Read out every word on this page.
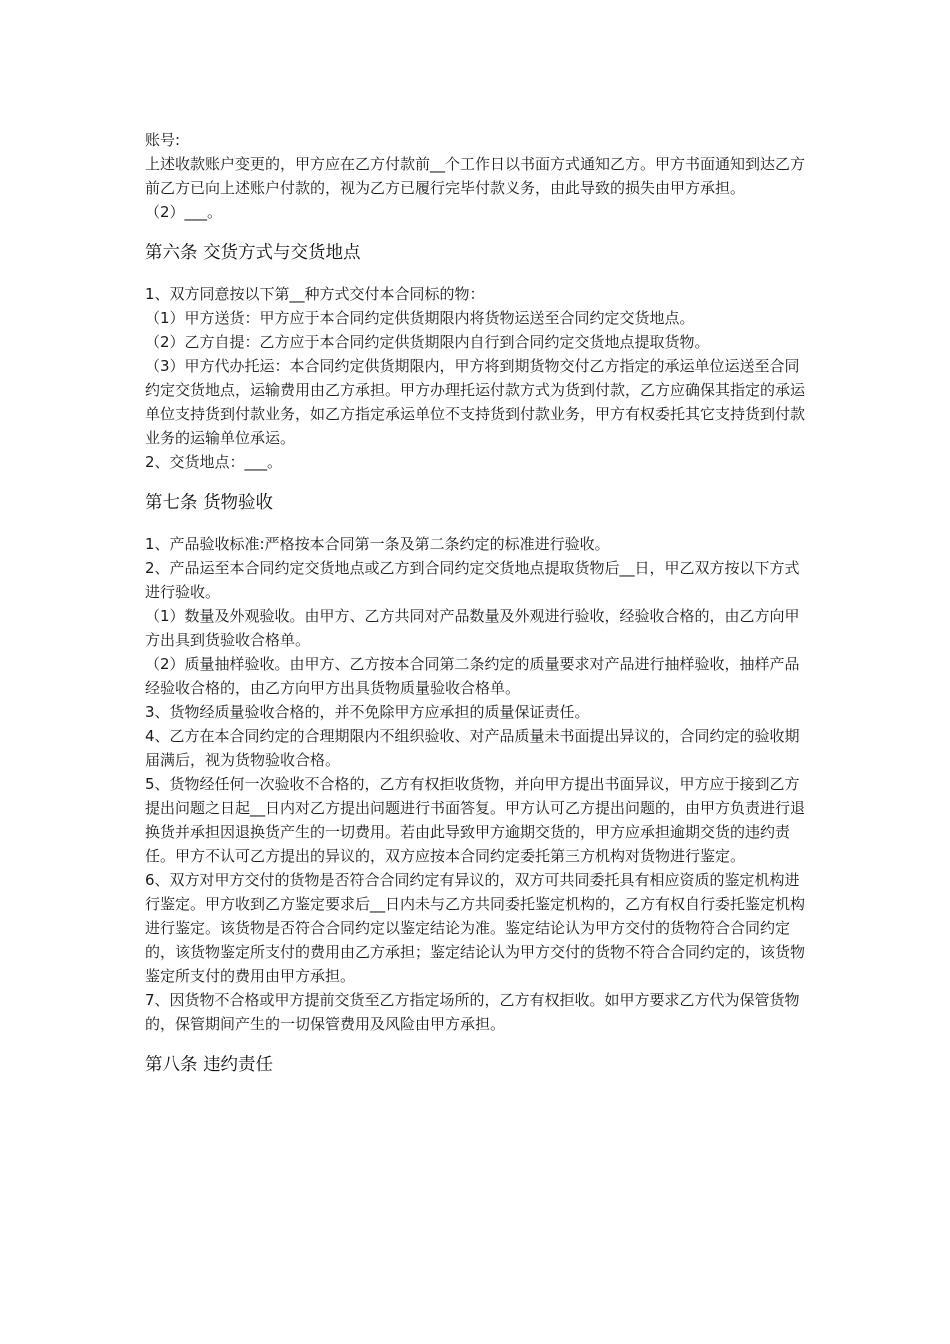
账号:

上述收款账户变更的，甲方应在乙方付款前__个工作日以书面方式通知乙方。甲方书面通知到达乙方前乙方已向上述账户付款的，视为乙方已履行完毕付款义务，由此导致的损失由甲方承担。

（2）___。

第六条 交货方式与交货地点

1、双方同意按以下第__种方式交付本合同标的物：

（1）甲方送货：甲方应于本合同约定供货期限内将货物运送至合同约定交货地点。

（2）乙方自提：乙方应于本合同约定供货期限内自行到合同约定交货地点提取货物。

（3）甲方代办托运：本合同约定供货期限内，甲方将到期货物交付乙方指定的承运单位运送至合同约定交货地点，运输费用由乙方承担。甲方办理托运付款方式为货到付款，乙方应确保其指定的承运单位支持货到付款业务，如乙方指定承运单位不支持货到付款业务，甲方有权委托其它支持货到付款业务的运输单位承运。

2、交货地点：___。

第七条 货物验收

1、产品验收标准:严格按本合同第一条及第二条约定的标准进行验收。

2、产品运至本合同约定交货地点或乙方到合同约定交货地点提取货物后__日，甲乙双方按以下方式进行验收。

（1）数量及外观验收。由甲方、乙方共同对产品数量及外观进行验收，经验收合格的，由乙方向甲方出具到货验收合格单。

（2）质量抽样验收。由甲方、乙方按本合同第二条约定的质量要求对产品进行抽样验收，抽样产品经验收合格的，由乙方向甲方出具货物质量验收合格单。

3、货物经质量验收合格的，并不免除甲方应承担的质量保证责任。

4、乙方在本合同约定的合理期限内不组织验收、对产品质量未书面提出异议的，合同约定的验收期届满后，视为货物验收合格。

5、货物经任何一次验收不合格的，乙方有权拒收货物，并向甲方提出书面异议，甲方应于接到乙方提出问题之日起__日内对乙方提出问题进行书面答复。甲方认可乙方提出问题的，由甲方负责进行退换货并承担因退换货产生的一切费用。若由此导致甲方逾期交货的，甲方应承担逾期交货的违约责任。甲方不认可乙方提出的异议的，双方应按本合同约定委托第三方机构对货物进行鉴定。

6、双方对甲方交付的货物是否符合合同约定有异议的，双方可共同委托具有相应资质的鉴定机构进行鉴定。甲方收到乙方鉴定要求后__日内未与乙方共同委托鉴定机构的，乙方有权自行委托鉴定机构进行鉴定。该货物是否符合合同约定以鉴定结论为准。鉴定结论认为甲方交付的货物符合合同约定的，该货物鉴定所支付的费用由乙方承担；鉴定结论认为甲方交付的货物不符合合同约定的，该货物鉴定所支付的费用由甲方承担。

7、因货物不合格或甲方提前交货至乙方指定场所的，乙方有权拒收。如甲方要求乙方代为保管货物的，保管期间产生的一切保管费用及风险由甲方承担。

第八条 违约责任
